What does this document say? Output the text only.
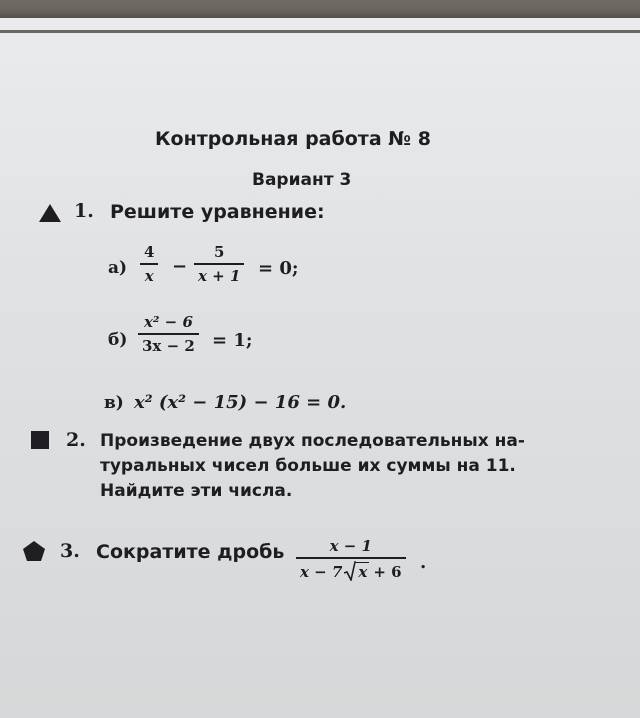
Контрольная работа № 8
Вариант 3
1. Решите уравнение:
а)
4
x −
5
x + 1 = 0;
б)
x² − 6
3x − 2 = 1;
в) x² (x² − 15) − 16 = 0.
2. Произведение двух последовательных на-
туральных чисел больше их суммы на 11.
Найдите эти числа.
3. Сократите дробь	x − 1
x − 7 x + 6 .
